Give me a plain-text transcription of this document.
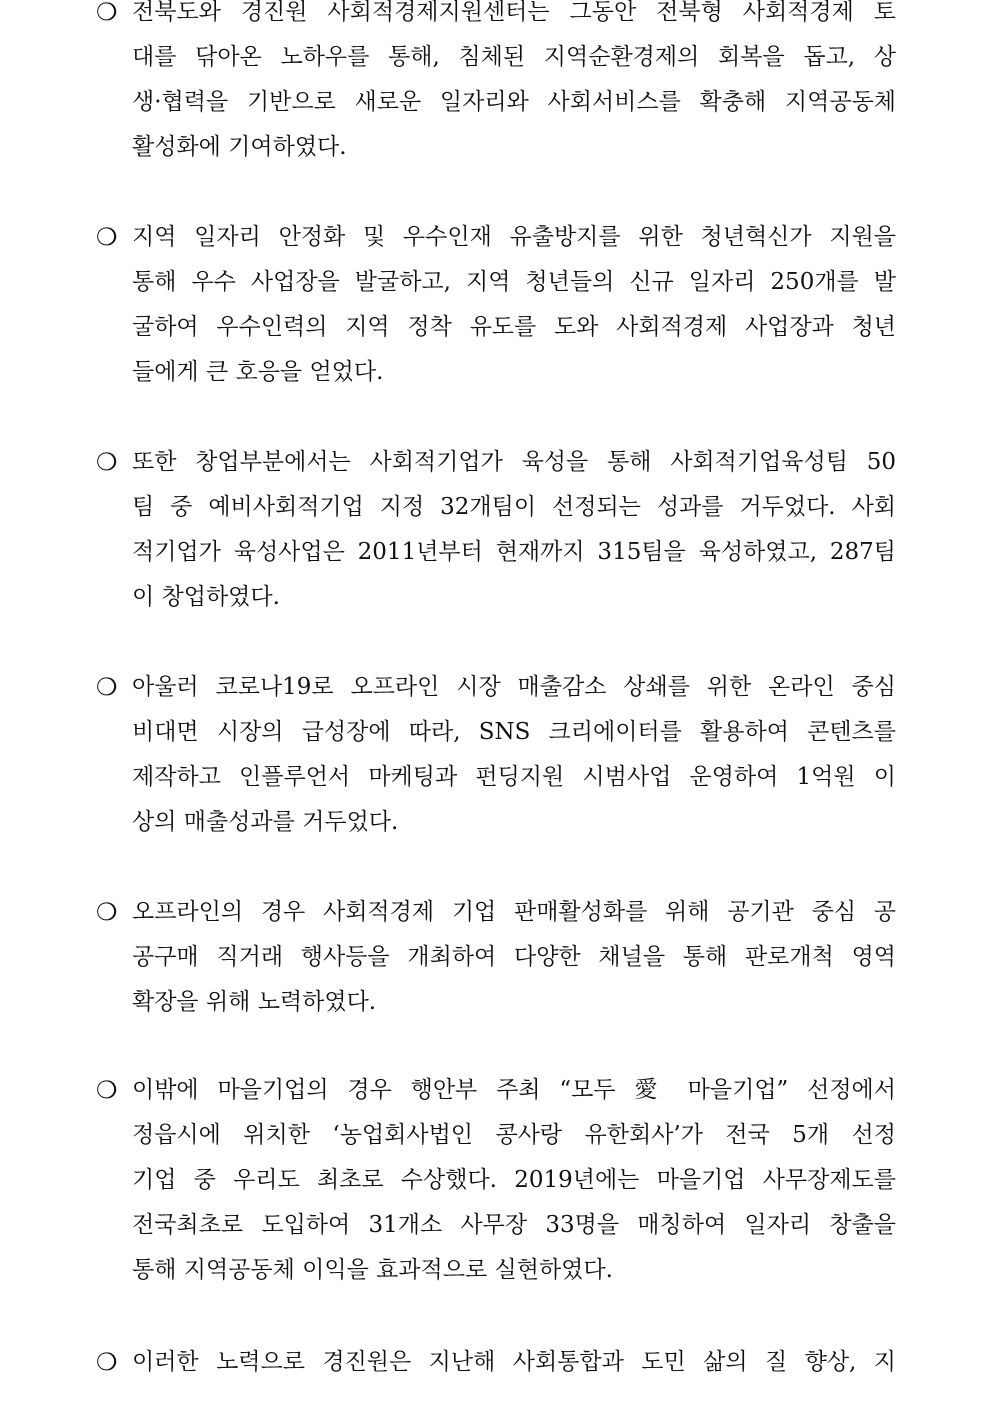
❍ 전북도와 경진원 사회적경제지원센터는 그동안 전북형 사회적경제 토
대를 닦아온 노하우를 통해, 침체된 지역순환경제의 회복을 돕고, 상
생·협력을 기반으로 새로운 일자리와 사회서비스를 확충해 지역공동체
활성화에 기여하였다.
❍ 지역 일자리 안정화 및 우수인재 유출방지를 위한 청년혁신가 지원을
통해 우수 사업장을 발굴하고, 지역 청년들의 신규 일자리 250개를 발
굴하여 우수인력의 지역 정착 유도를 도와 사회적경제 사업장과 청년
들에게 큰 호응을 얻었다.
❍ 또한 창업부분에서는 사회적기업가 육성을 통해 사회적기업육성팀 50
팀 중 예비사회적기업 지정 32개팀이 선정되는 성과를 거두었다. 사회
적기업가 육성사업은 2011년부터 현재까지 315팀을 육성하였고, 287팀
이 창업하였다.
❍ 아울러 코로나19로 오프라인 시장 매출감소 상쇄를 위한 온라인 중심
비대면 시장의 급성장에 따라, SNS 크리에이터를 활용하여 콘텐츠를
제작하고 인플루언서 마케팅과 펀딩지원 시범사업 운영하여 1억원 이
상의 매출성과를 거두었다.
❍ 오프라인의 경우 사회적경제 기업 판매활성화를 위해 공기관 중심 공
공구매 직거래 행사등을 개최하여 다양한 채널을 통해 판로개척 영역
확장을 위해 노력하였다.
❍ 이밖에 마을기업의 경우 행안부 주최 “모두 愛 마을기업” 선정에서
정읍시에 위치한 ‘농업회사법인 콩사랑 유한회사’가 전국 5개 선정
기업 중 우리도 최초로 수상했다. 2019년에는 마을기업 사무장제도를
전국최초로 도입하여 31개소 사무장 33명을 매칭하여 일자리 창출을
통해 지역공동체 이익을 효과적으로 실현하였다.
❍ 이러한 노력으로 경진원은 지난해 사회통합과 도민 삶의 질 향상, 지
